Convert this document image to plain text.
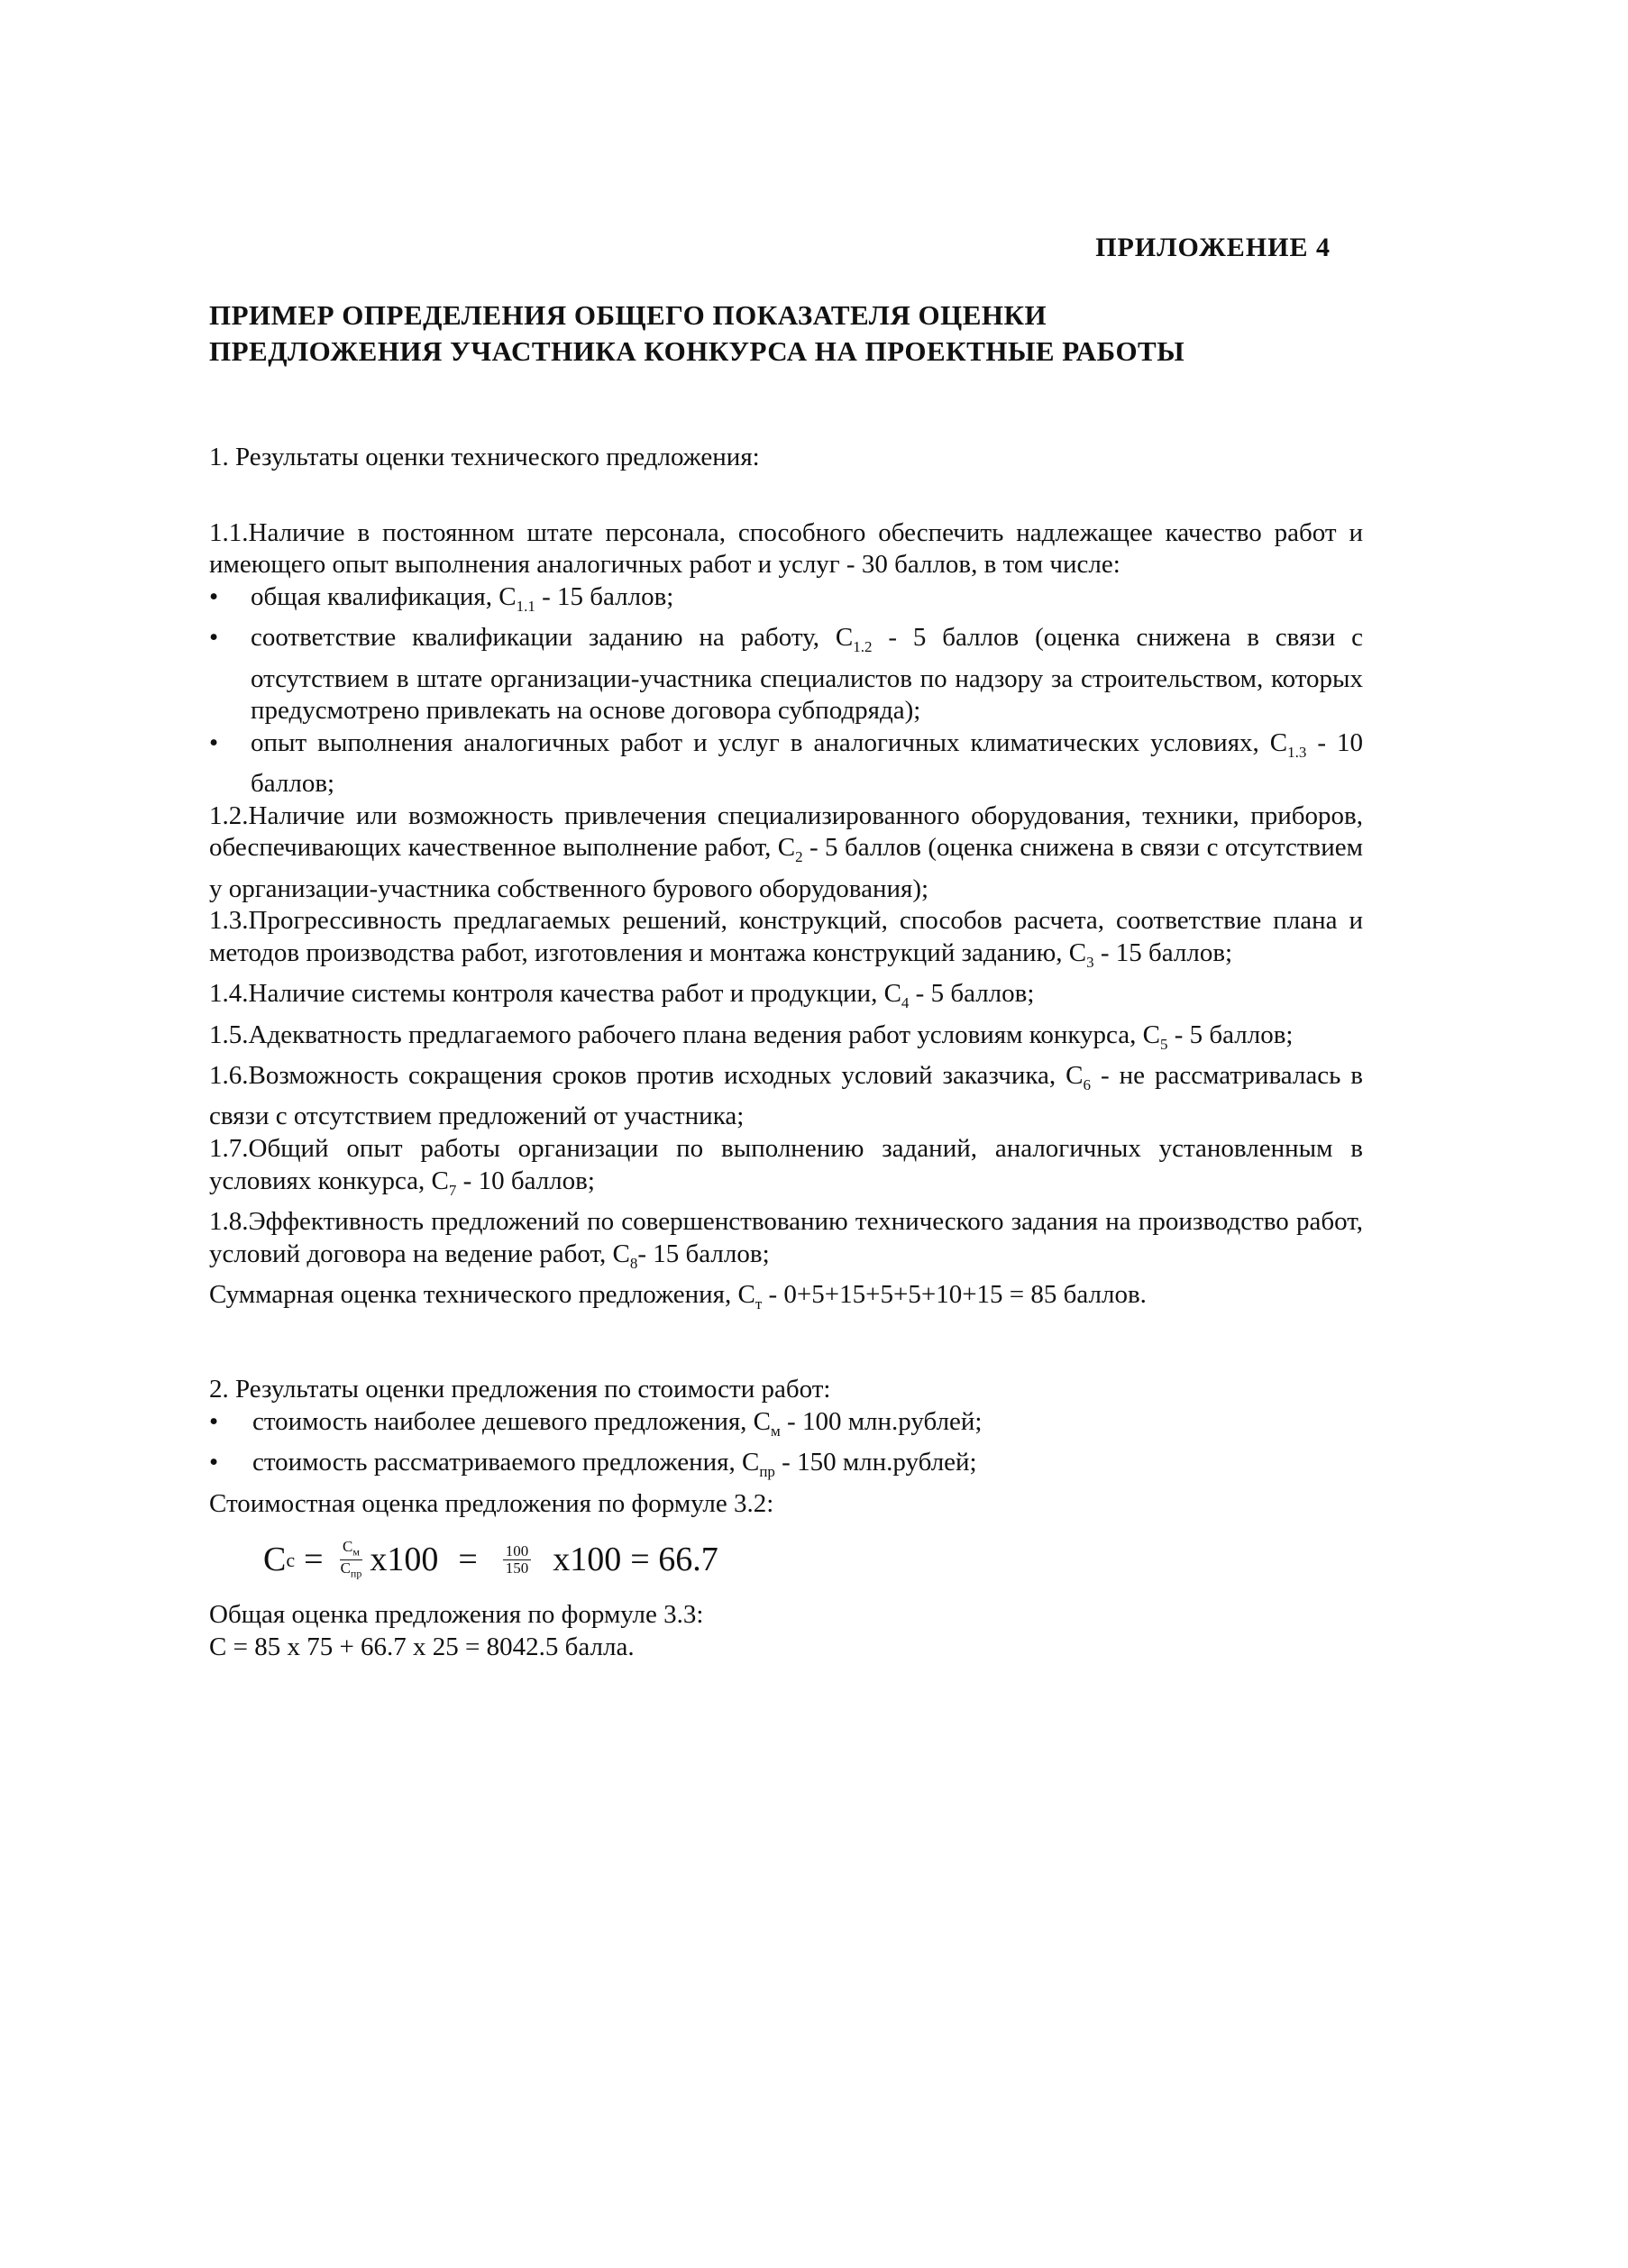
ПРИЛОЖЕНИЕ 4
ПРИМЕР ОПРЕДЕЛЕНИЯ ОБЩЕГО ПОКАЗАТЕЛЯ ОЦЕНКИ
ПРЕДЛОЖЕНИЯ УЧАСТНИКА КОНКУРСА НА ПРОЕКТНЫЕ РАБОТЫ

1. Результаты оценки технического предложения:

1.1.Наличие в постоянном штате персонала, способного обеспечить надлежащее качество работ и имеющего опыт выполнения аналогичных работ и услуг - 30 баллов, в том числе:

• общая квалификация, $С_{1.1} - 15$ баллов;
• соответствие квалификации заданию на работу, $С_{1.2} - 5$ баллов (оценка снижена в связи с отсутствием в штате организации-участника специалистов по надзору за строительством, которых предусмотрено привлекать на основе договора субподряда);
• опыт выполнения аналогичных работ и услуг в аналогичных климатических условиях, $С_{1.3} - 10$ баллов;

1.2.Наличие или возможность привлечения специализированного оборудования, техники, приборов, обеспечивающих качественное выполнение работ, $С_2 - 5$ баллов (оценка снижена в связи с отсутствием у организации-участника собственного бурового оборудования);

1.3.Прогрессивность предлагаемых решений, конструкций, способов расчета, соответствие плана и методов производства работ, изготовления и монтажа конструкций заданию, $С_3 - 15$ баллов;

1.4.Наличие системы контроля качества работ и продукции, $С_4 - 5$ баллов;

1.5.Адекватность предлагаемого рабочего плана ведения работ условиям конкурса, $С_5 - 5$ баллов;

1.6.Возможность сокращения сроков против исходных условий заказчика, $С_6$ - не рассматривалась в связи с отсутствием предложений от участника;

1.7.Общий опыт работы организации по выполнению заданий, аналогичных установленным в условиях конкурса, $С_7 - 10$ баллов;

1.8.Эффективность предложений по совершенствованию технического задания на производство работ, условий договора на ведение работ, $С_8-$ 15 баллов;

Суммарная оценка технического предложения, $С_т - 0+5+15+5+5+10+15 = 85$ баллов.

2. Результаты оценки предложения по стоимости работ:

• стоимость наиболее дешевого предложения, $С_м - 100$ млн.рублей;
• стоимость рассматриваемого предложения, $С_{пр} - 150$ млн.рублей;

Стоимостная оценка предложения по формуле 3.2:

С $с = \frac{С_м}{С_{пр}} x100 = \frac{100}{150} x100 = 66.7$

Общая оценка предложения по формуле 3.3:

С = 85 x 75 + 66.7 x 25 = 8042.5 балла.
